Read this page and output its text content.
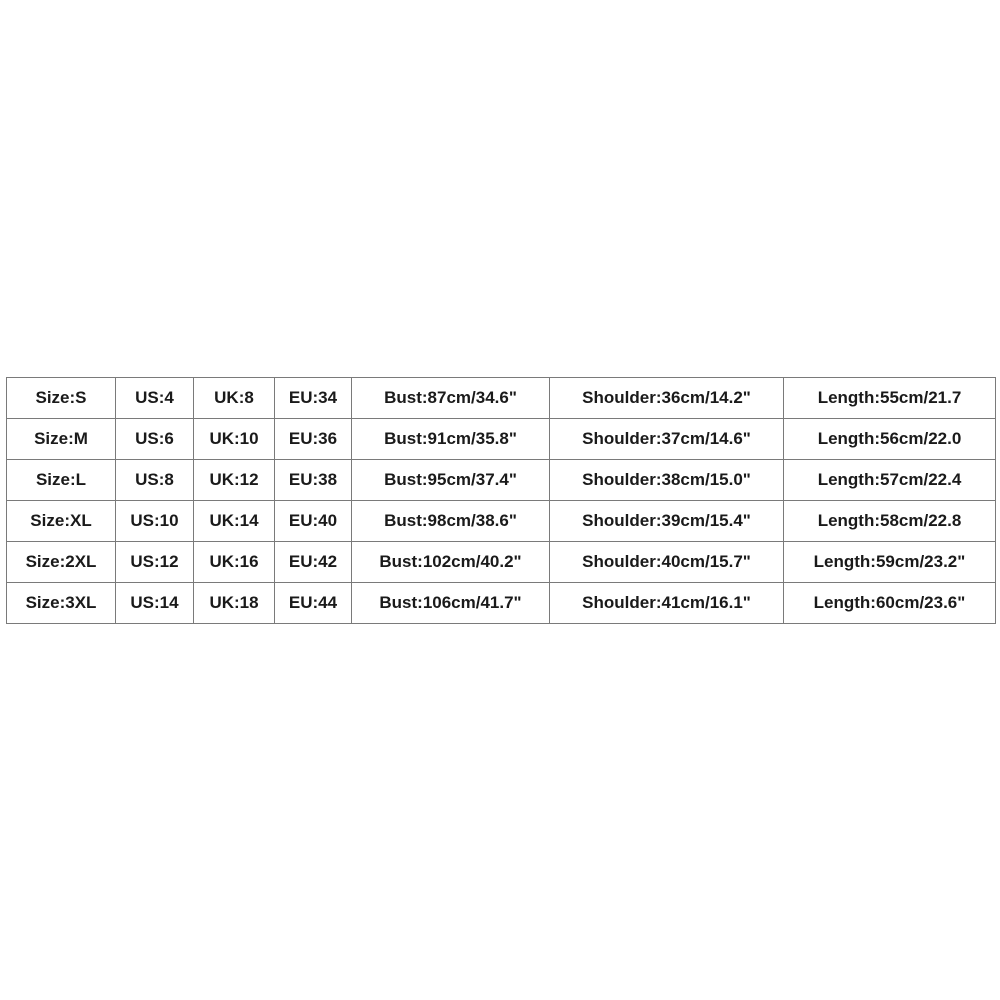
Size:S	US:4	UK:8	EU:34	Bust:87cm/34.6"	Shoulder:36cm/14.2"	Length:55cm/21.7
Size:M	US:6	UK:10	EU:36	Bust:91cm/35.8"	Shoulder:37cm/14.6"	Length:56cm/22.0
Size:L	US:8	UK:12	EU:38	Bust:95cm/37.4"	Shoulder:38cm/15.0"	Length:57cm/22.4
Size:XL	US:10	UK:14	EU:40	Bust:98cm/38.6"	Shoulder:39cm/15.4"	Length:58cm/22.8
Size:2XL	US:12	UK:16	EU:42	Bust:102cm/40.2"	Shoulder:40cm/15.7"	Length:59cm/23.2"
Size:3XL	US:14	UK:18	EU:44	Bust:106cm/41.7"	Shoulder:41cm/16.1"	Length:60cm/23.6"
